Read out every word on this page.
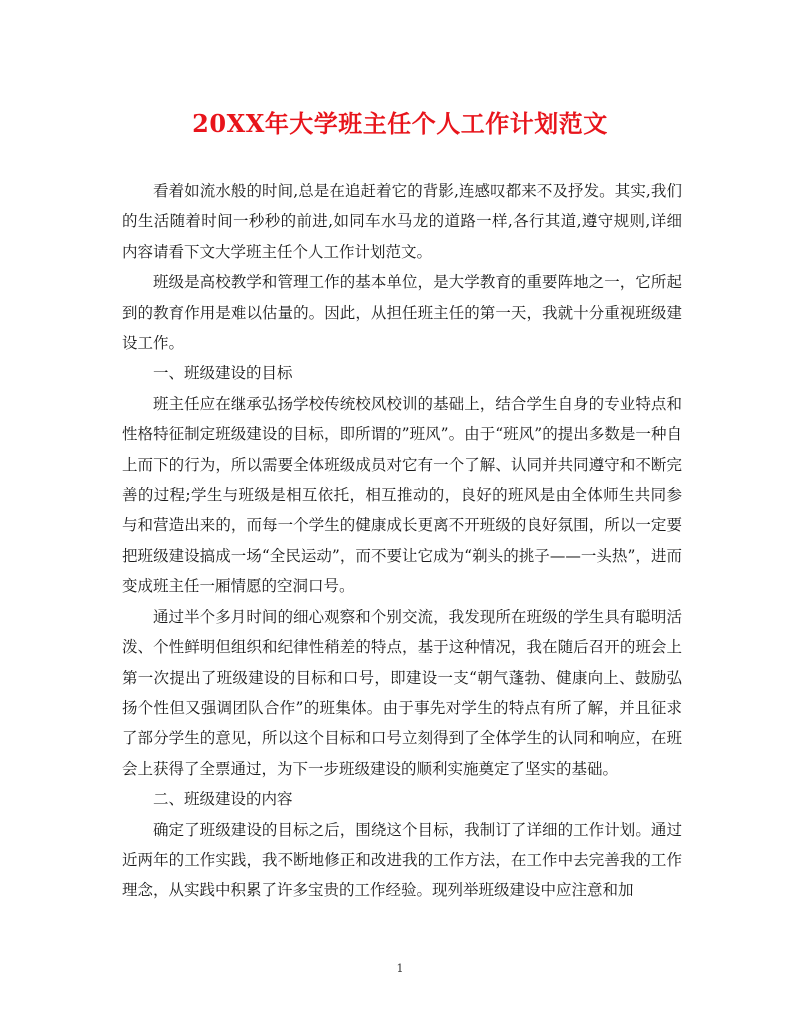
20XX年大学班主任个人工作计划范文

看着如流水般的时间,总是在追赶着它的背影,连感叹都来不及抒发。其实,我们的生活随着时间一秒秒的前进,如同车水马龙的道路一样,各行其道,遵守规则,详细内容请看下文大学班主任个人工作计划范文。

班级是高校教学和管理工作的基本单位，是大学教育的重要阵地之一，它所起到的教育作用是难以估量的。因此，从担任班主任的第一天，我就十分重视班级建设工作。

一、班级建设的目标

班主任应在继承弘扬学校传统校风校训的基础上，结合学生自身的专业特点和性格特征制定班级建设的目标，即所谓的”班风”。由于“班风”的提出多数是一种自上而下的行为，所以需要全体班级成员对它有一个了解、认同并共同遵守和不断完善的过程;学生与班级是相互依托，相互推动的，良好的班风是由全体师生共同参与和营造出来的，而每一个学生的健康成长更离不开班级的良好氛围，所以一定要把班级建设搞成一场“全民运动”，而不要让它成为“剃头的挑子——一头热”，进而变成班主任一厢情愿的空洞口号。

通过半个多月时间的细心观察和个别交流，我发现所在班级的学生具有聪明活泼、个性鲜明但组织和纪律性稍差的特点，基于这种情况，我在随后召开的班会上第一次提出了班级建设的目标和口号，即建设一支“朝气蓬勃、健康向上、鼓励弘扬个性但又强调团队合作”的班集体。由于事先对学生的特点有所了解，并且征求了部分学生的意见，所以这个目标和口号立刻得到了全体学生的认同和响应，在班会上获得了全票通过，为下一步班级建设的顺利实施奠定了坚实的基础。

二、班级建设的内容

确定了班级建设的目标之后，围绕这个目标，我制订了详细的工作计划。通过近两年的工作实践，我不断地修正和改进我的工作方法，在工作中去完善我的工作理念，从实践中积累了许多宝贵的工作经验。现列举班级建设中应注意和加

1
